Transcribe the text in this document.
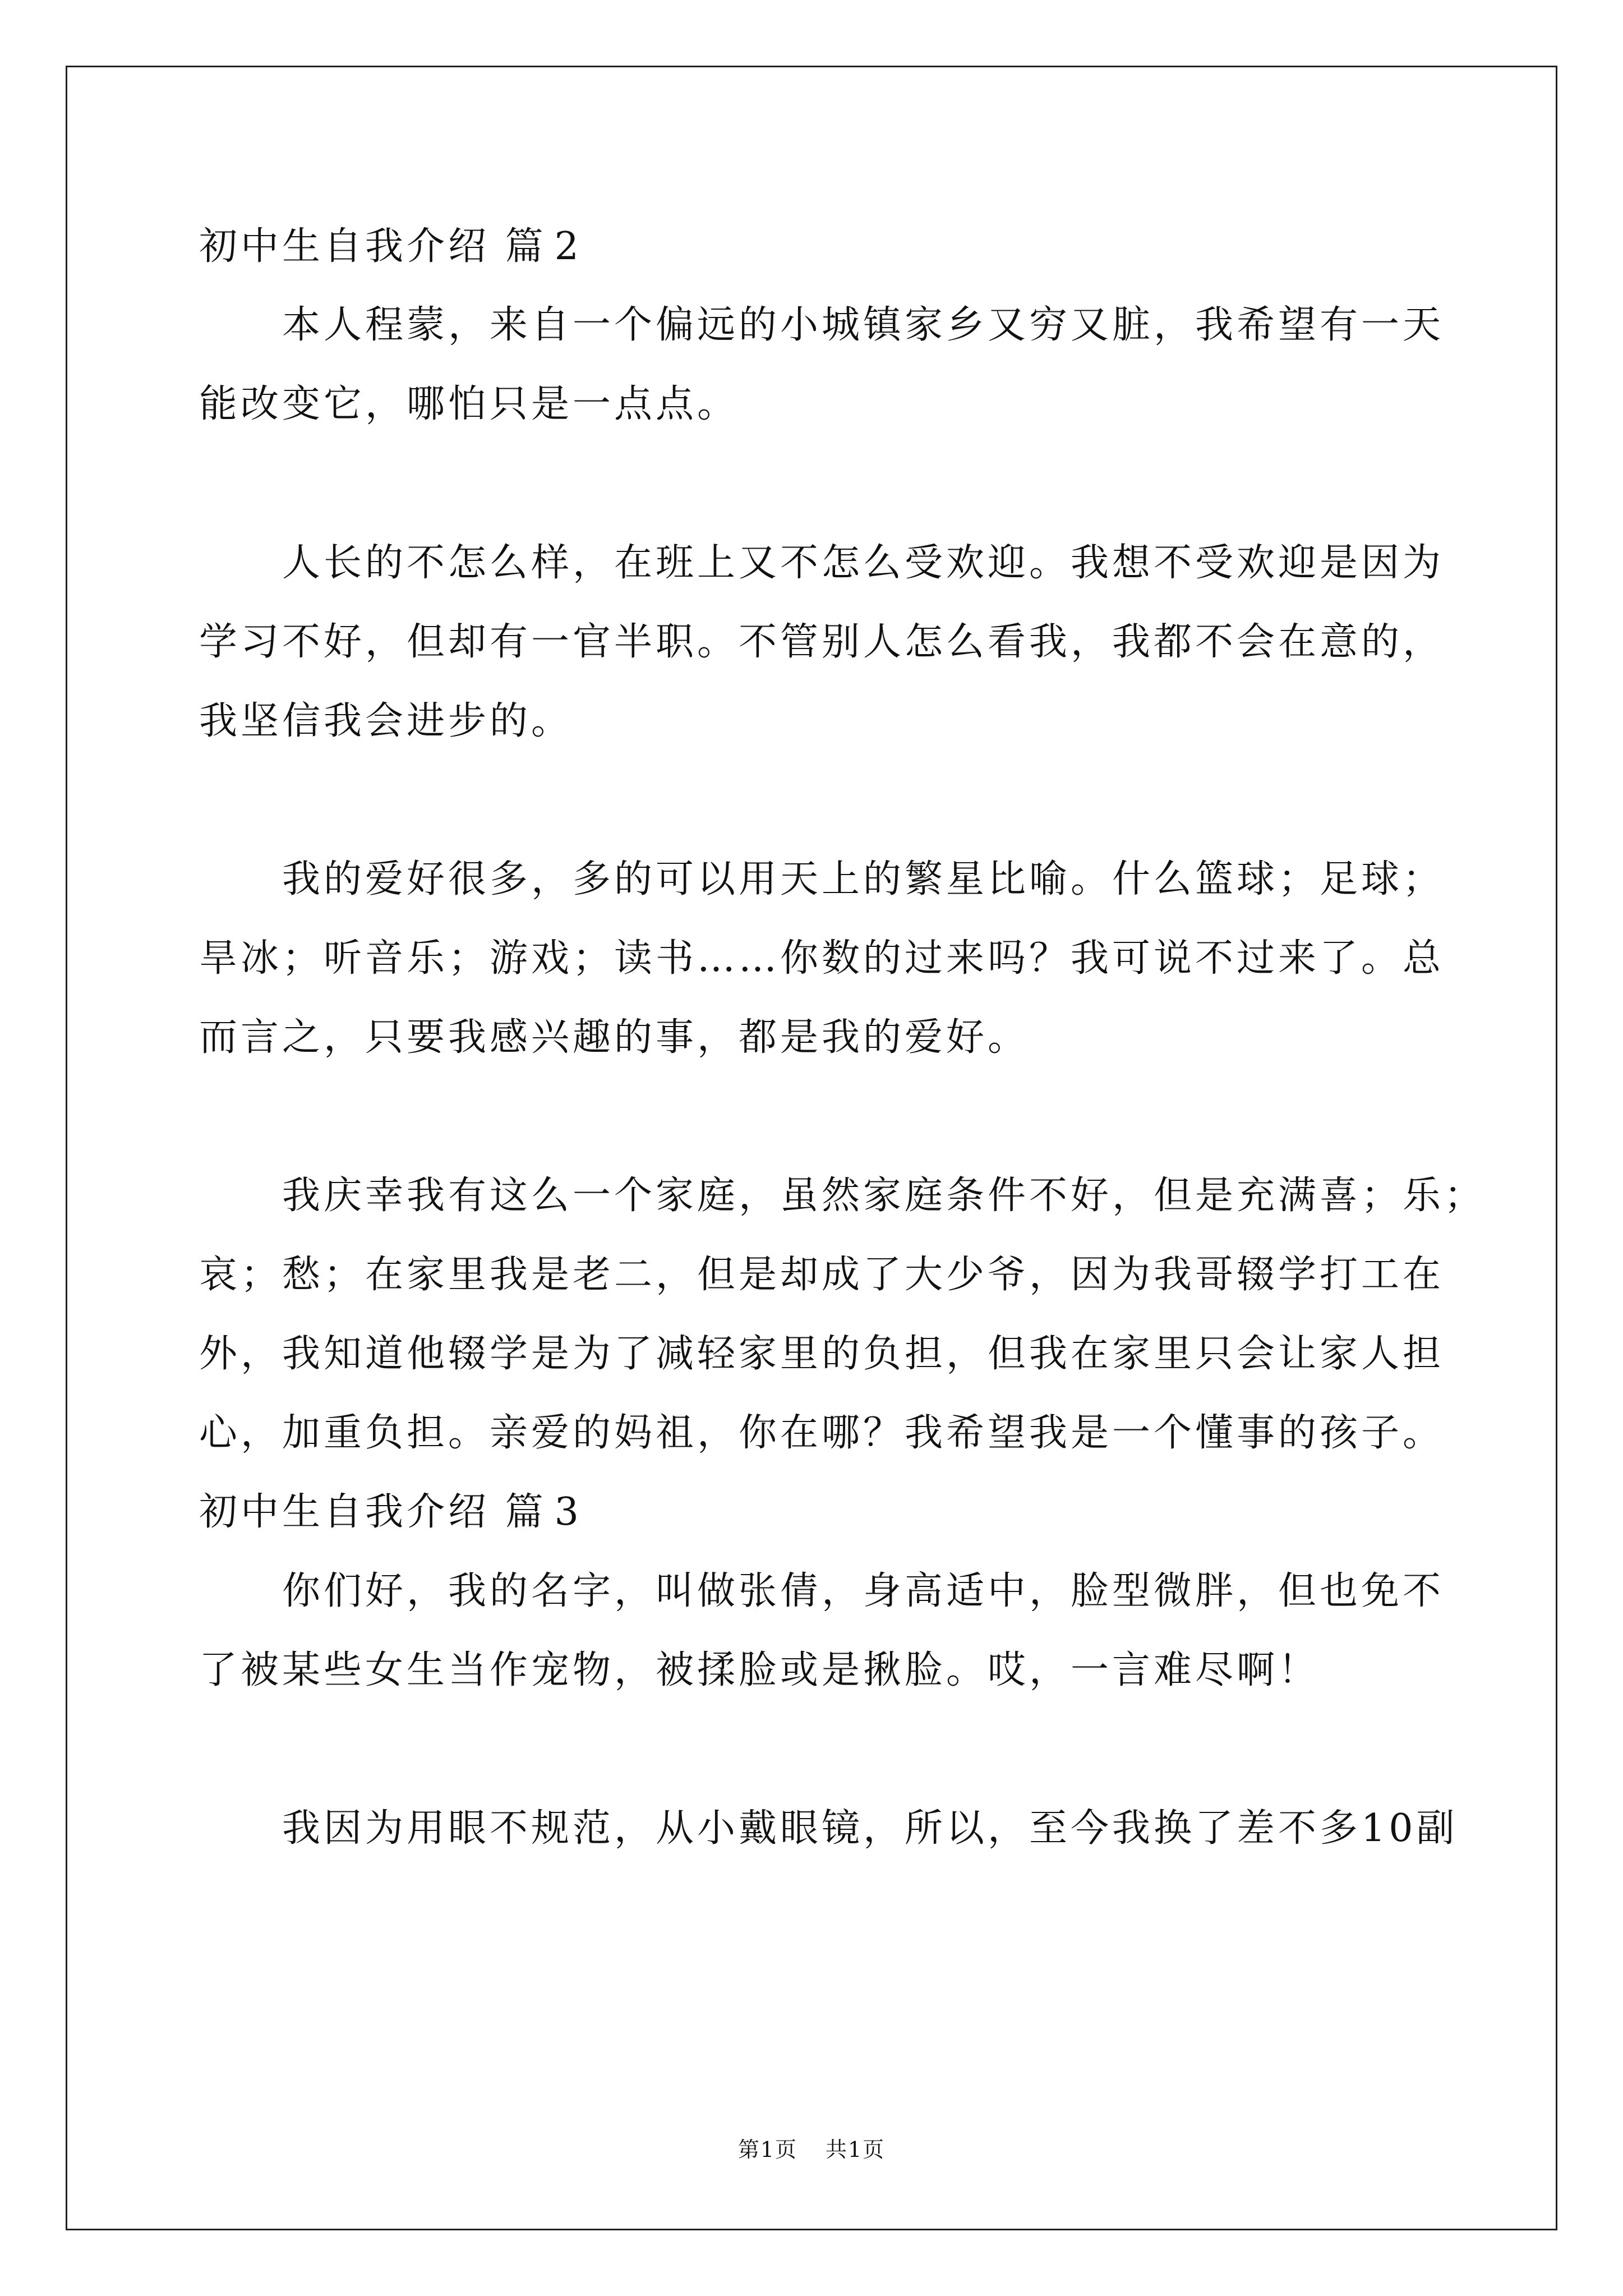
初中生自我介绍 篇 2
本人程蒙，来自一个偏远的小城镇家乡又穷又脏，我希望有一天
能改变它，哪怕只是一点点。
人长的不怎么样，在班上又不怎么受欢迎。我想不受欢迎是因为
学习不好，但却有一官半职。不管别人怎么看我，我都不会在意的，
我坚信我会进步的。
我的爱好很多，多的可以用天上的繁星比喻。什么篮球；足球；
旱冰；听音乐；游戏；读书……你数的过来吗？我可说不过来了。总
而言之，只要我感兴趣的事，都是我的爱好。
我庆幸我有这么一个家庭，虽然家庭条件不好，但是充满喜；乐；
哀；愁；在家里我是老二，但是却成了大少爷，因为我哥辍学打工在
外，我知道他辍学是为了减轻家里的负担，但我在家里只会让家人担
心，加重负担。亲爱的妈祖，你在哪？我希望我是一个懂事的孩子。
初中生自我介绍 篇 3
你们好，我的名字，叫做张倩，身高适中，脸型微胖，但也免不
了被某些女生当作宠物，被揉脸或是揪脸。哎，一言难尽啊！
我因为用眼不规范，从小戴眼镜，所以，至今我换了差不多10副
第1页 共1页
